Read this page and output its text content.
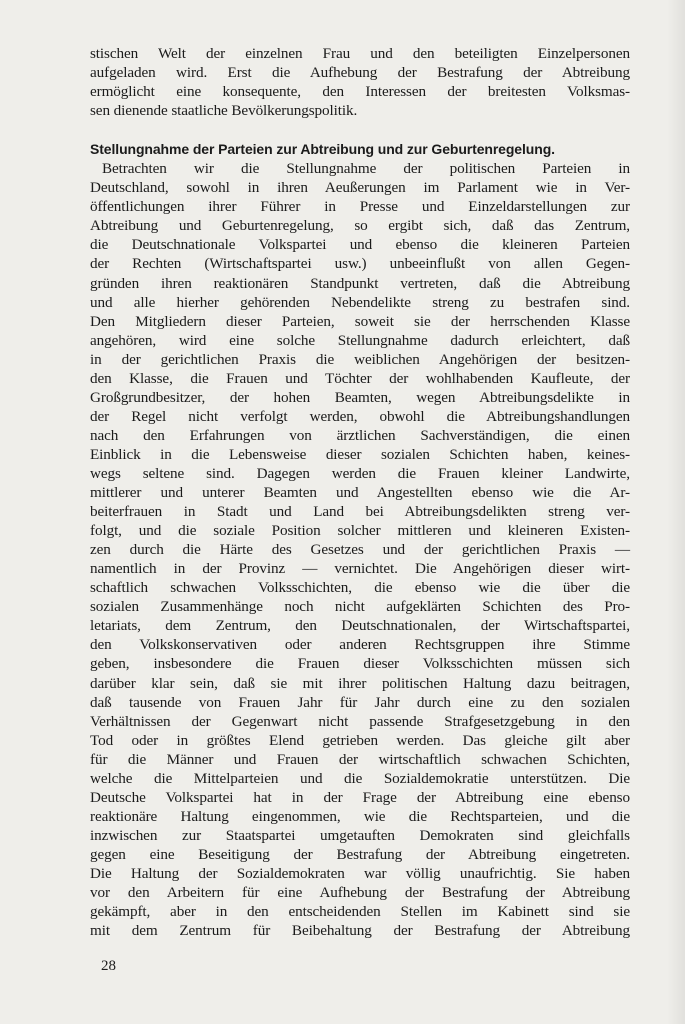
stischen Welt der einzelnen Frau und den beteiligten Einzelpersonen
aufgeladen wird. Erst die Aufhebung der Bestrafung der Abtreibung
ermöglicht eine konsequente, den Interessen der breitesten Volksmas-
sen dienende staatliche Bevölkerungspolitik.
Stellungnahme der Parteien zur Abtreibung und zur Geburtenregelung.
Betrachten wir die Stellungnahme der politischen Parteien in
Deutschland, sowohl in ihren Aeußerungen im Parlament wie in Ver-
öffentlichungen ihrer Führer in Presse und Einzeldarstellungen zur
Abtreibung und Geburtenregelung, so ergibt sich, daß das Zentrum,
die Deutschnationale Volkspartei und ebenso die kleineren Parteien
der Rechten (Wirtschaftspartei usw.) unbeeinflußt von allen Gegen-
gründen ihren reaktionären Standpunkt vertreten, daß die Abtreibung
und alle hierher gehörenden Nebendelikte streng zu bestrafen sind.
Den Mitgliedern dieser Parteien, soweit sie der herrschenden Klasse
angehören, wird eine solche Stellungnahme dadurch erleichtert, daß
in der gerichtlichen Praxis die weiblichen Angehörigen der besitzen-
den Klasse, die Frauen und Töchter der wohlhabenden Kaufleute, der
Großgrundbesitzer, der hohen Beamten, wegen Abtreibungsdelikte in
der Regel nicht verfolgt werden, obwohl die Abtreibungshandlungen
nach den Erfahrungen von ärztlichen Sachverständigen, die einen
Einblick in die Lebensweise dieser sozialen Schichten haben, keines-
wegs seltene sind. Dagegen werden die Frauen kleiner Landwirte,
mittlerer und unterer Beamten und Angestellten ebenso wie die Ar-
beiterfrauen in Stadt und Land bei Abtreibungsdelikten streng ver-
folgt, und die soziale Position solcher mittleren und kleineren Existen-
zen durch die Härte des Gesetzes und der gerichtlichen Praxis —
namentlich in der Provinz — vernichtet. Die Angehörigen dieser wirt-
schaftlich schwachen Volksschichten, die ebenso wie die über die
sozialen Zusammenhänge noch nicht aufgeklärten Schichten des Pro-
letariats, dem Zentrum, den Deutschnationalen, der Wirtschaftspartei,
den Volkskonservativen oder anderen Rechtsgruppen ihre Stimme
geben, insbesondere die Frauen dieser Volksschichten müssen sich
darüber klar sein, daß sie mit ihrer politischen Haltung dazu beitragen,
daß tausende von Frauen Jahr für Jahr durch eine zu den sozialen
Verhältnissen der Gegenwart nicht passende Strafgesetzgebung in den
Tod oder in größtes Elend getrieben werden. Das gleiche gilt aber
für die Männer und Frauen der wirtschaftlich schwachen Schichten,
welche die Mittelparteien und die Sozialdemokratie unterstützen. Die
Deutsche Volkspartei hat in der Frage der Abtreibung eine ebenso
reaktionäre Haltung eingenommen, wie die Rechtsparteien, und die
inzwischen zur Staatspartei umgetauften Demokraten sind gleichfalls
gegen eine Beseitigung der Bestrafung der Abtreibung eingetreten.
Die Haltung der Sozialdemokraten war völlig unaufrichtig. Sie haben
vor den Arbeitern für eine Aufhebung der Bestrafung der Abtreibung
gekämpft, aber in den entscheidenden Stellen im Kabinett sind sie
mit dem Zentrum für Beibehaltung der Bestrafung der Abtreibung
28
